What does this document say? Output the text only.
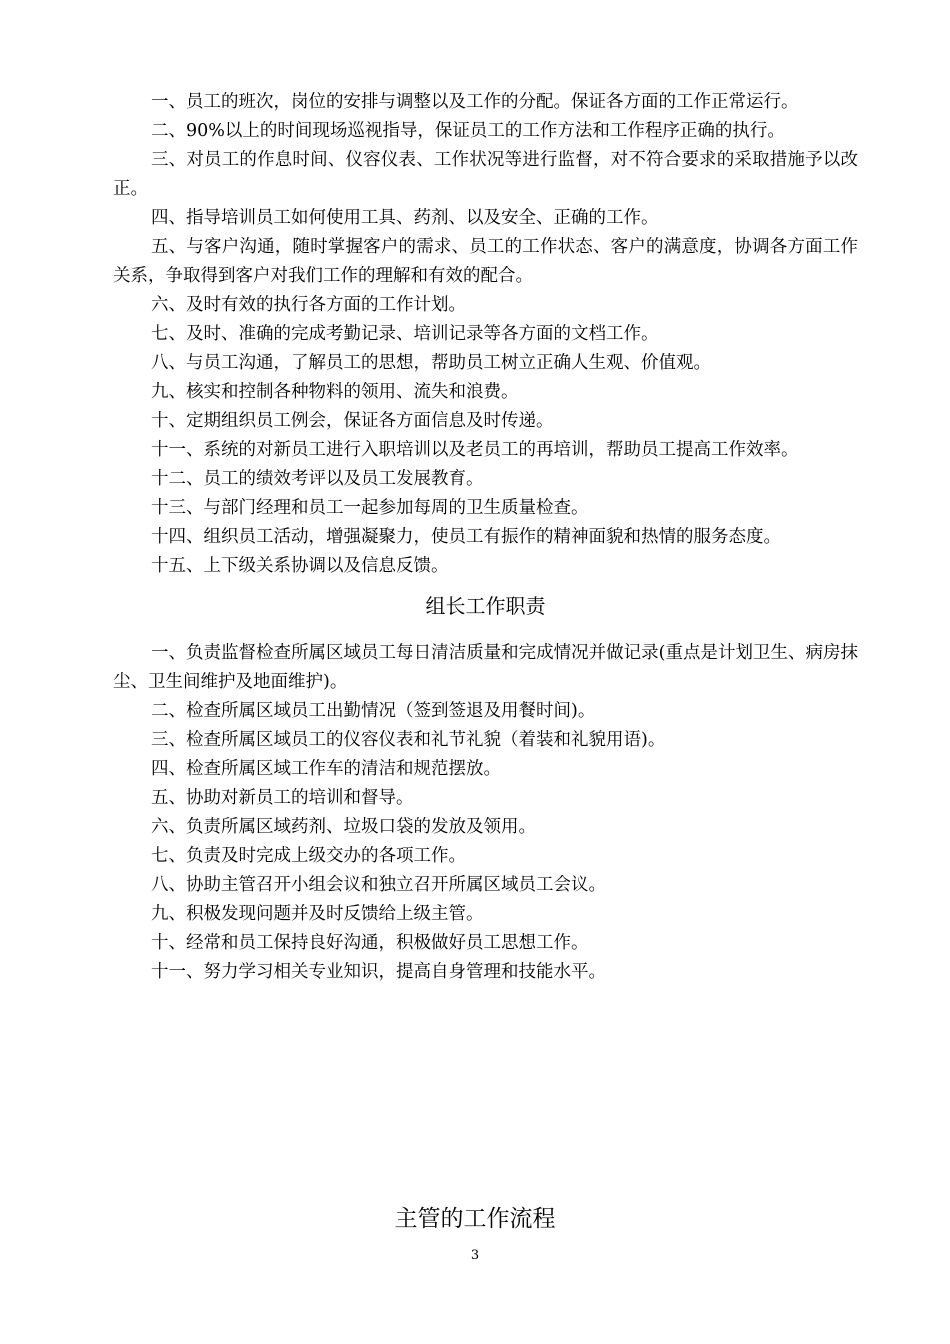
一、员工的班次，岗位的安排与调整以及工作的分配。保证各方面的工作正常运行。

二、90%以上的时间现场巡视指导，保证员工的工作方法和工作程序正确的执行。

三、对员工的作息时间、仪容仪表、工作状况等进行监督，对不符合要求的采取措施予以改正。

四、指导培训员工如何使用工具、药剂、以及安全、正确的工作。

五、与客户沟通，随时掌握客户的需求、员工的工作状态、客户的满意度，协调各方面工作关系，争取得到客户对我们工作的理解和有效的配合。

六、及时有效的执行各方面的工作计划。

七、及时、准确的完成考勤记录、培训记录等各方面的文档工作。

八、与员工沟通，了解员工的思想，帮助员工树立正确人生观、价值观。

九、核实和控制各种物料的领用、流失和浪费。

十、定期组织员工例会，保证各方面信息及时传递。

十一、系统的对新员工进行入职培训以及老员工的再培训，帮助员工提高工作效率。

十二、员工的绩效考评以及员工发展教育。

十三、与部门经理和员工一起参加每周的卫生质量检查。

十四、组织员工活动，增强凝聚力，使员工有振作的精神面貌和热情的服务态度。

十五、上下级关系协调以及信息反馈。

组长工作职责

一、负责监督检查所属区域员工每日清洁质量和完成情况并做记录(重点是计划卫生、病房抹尘、卫生间维护及地面维护)。

二、检查所属区域员工出勤情况（签到签退及用餐时间)。

三、检查所属区域员工的仪容仪表和礼节礼貌（着装和礼貌用语)。

四、检查所属区域工作车的清洁和规范摆放。

五、协助对新员工的培训和督导。

六、负责所属区域药剂、垃圾口袋的发放及领用。

七、负责及时完成上级交办的各项工作。

八、协助主管召开小组会议和独立召开所属区域员工会议。

九、积极发现问题并及时反馈给上级主管。

十、经常和员工保持良好沟通，积极做好员工思想工作。

十一、努力学习相关专业知识，提高自身管理和技能水平。

主管的工作流程
3
